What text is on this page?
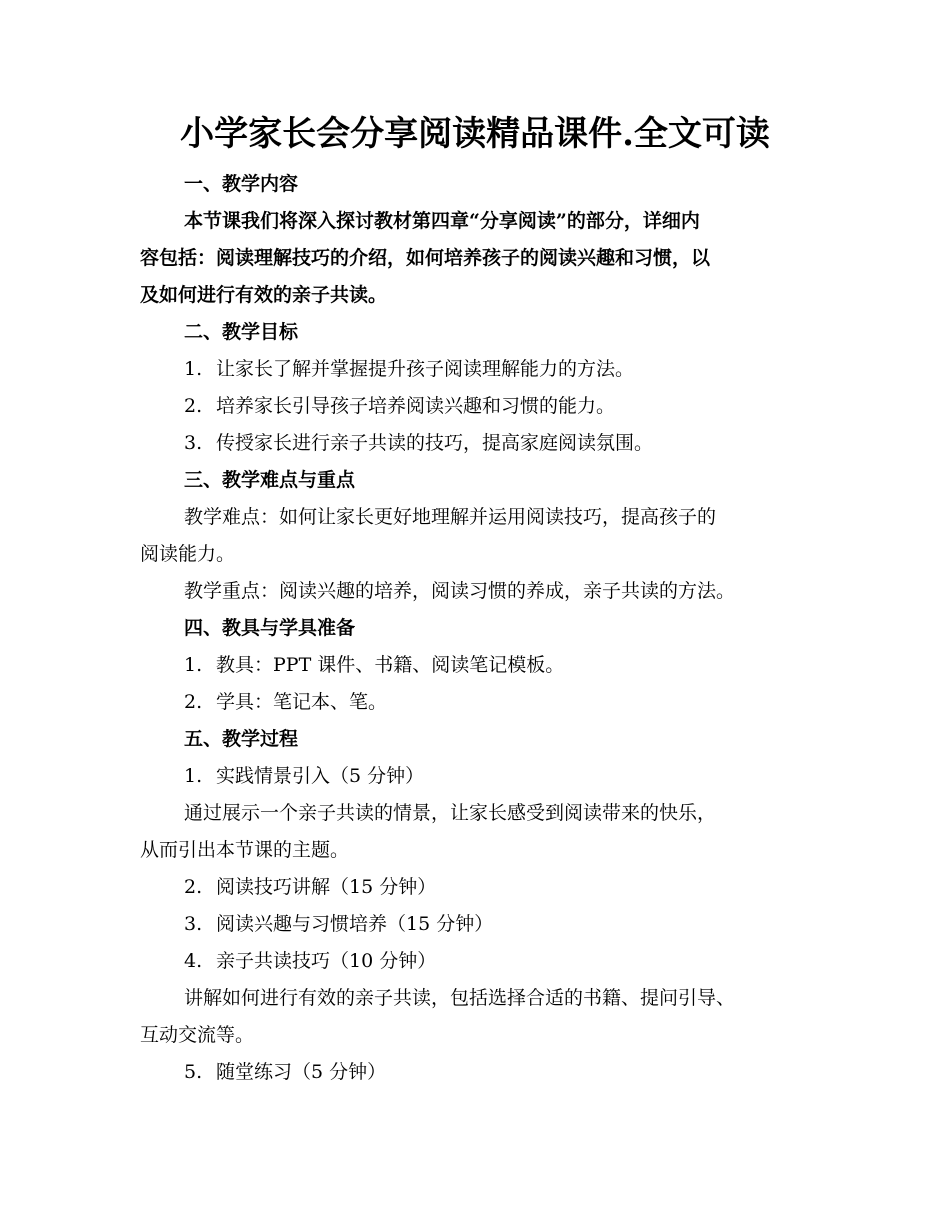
小学家长会分享阅读精品课件.全文可读

一、教学内容

本节课我们将深入探讨教材第四章“分享阅读”的部分，详细内

容包括：阅读理解技巧的介绍，如何培养孩子的阅读兴趣和习惯，以

及如何进行有效的亲子共读。

二、教学目标

1. 让家长了解并掌握提升孩子阅读理解能力的方法。

2. 培养家长引导孩子培养阅读兴趣和习惯的能力。

3. 传授家长进行亲子共读的技巧，提高家庭阅读氛围。

三、教学难点与重点

教学难点：如何让家长更好地理解并运用阅读技巧，提高孩子的

阅读能力。

教学重点：阅读兴趣的培养，阅读习惯的养成，亲子共读的方法。

四、教具与学具准备

1. 教具：PPT 课件、书籍、阅读笔记模板。

2. 学具：笔记本、笔。

五、教学过程

1. 实践情景引入（5 分钟）

通过展示一个亲子共读的情景，让家长感受到阅读带来的快乐，

从而引出本节课的主题。

2. 阅读技巧讲解（15 分钟）

3. 阅读兴趣与习惯培养（15 分钟）

4. 亲子共读技巧（10 分钟）

讲解如何进行有效的亲子共读，包括选择合适的书籍、提问引导、

互动交流等。

5. 随堂练习（5 分钟）
